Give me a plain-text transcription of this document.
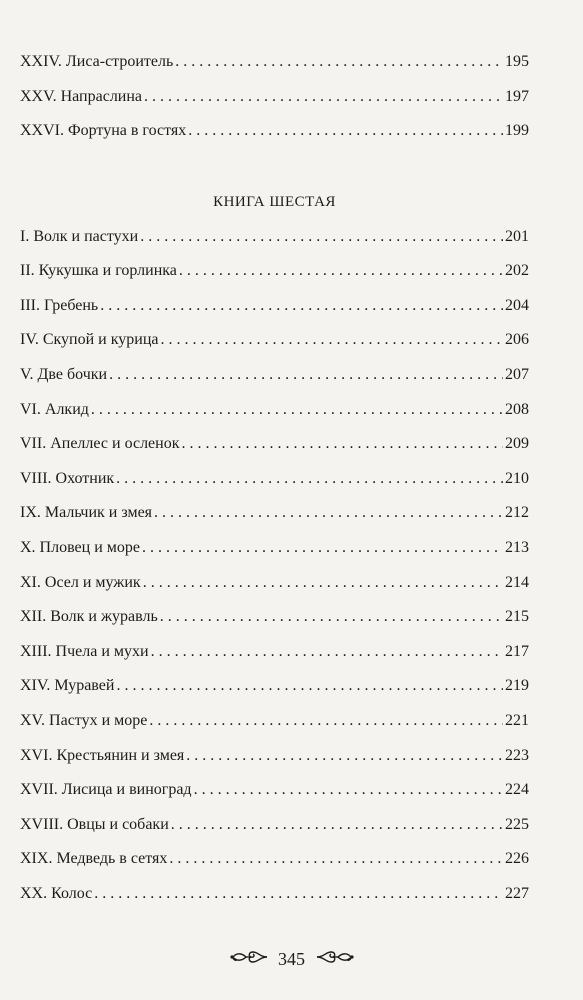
XXIV. Лиса-строитель . . .	195
XXV. Напраслина . . .	197
XXVI. Фортуна в гостях . . .	199
КНИГА ШЕСТАЯ
I. Волк и пастухи . . .	201
II. Кукушка и горлинка . . .	202
III. Гребень . . .	204
IV. Скупой и курица . . .	206
V. Две бочки . . .	207
VI. Алкид . . .	208
VII. Апеллес и осленок . . .	209
VIII. Охотник . . .	210
IX. Мальчик и змея . . .	212
X. Пловец и море . . .	213
XI. Осел и мужик . . .	214
XII. Волк и журавль . . .	215
XIII. Пчела и мухи . . .	217
XIV. Муравей . . .	219
XV. Пастух и море . . .	221
XVI. Крестьянин и змея . . .	223
XVII. Лисица и виноград . . .	224
XVIII. Овцы и собаки . . .	225
XIX. Медведь в сетях . . .	226
XX. Колос . . .	227
345
